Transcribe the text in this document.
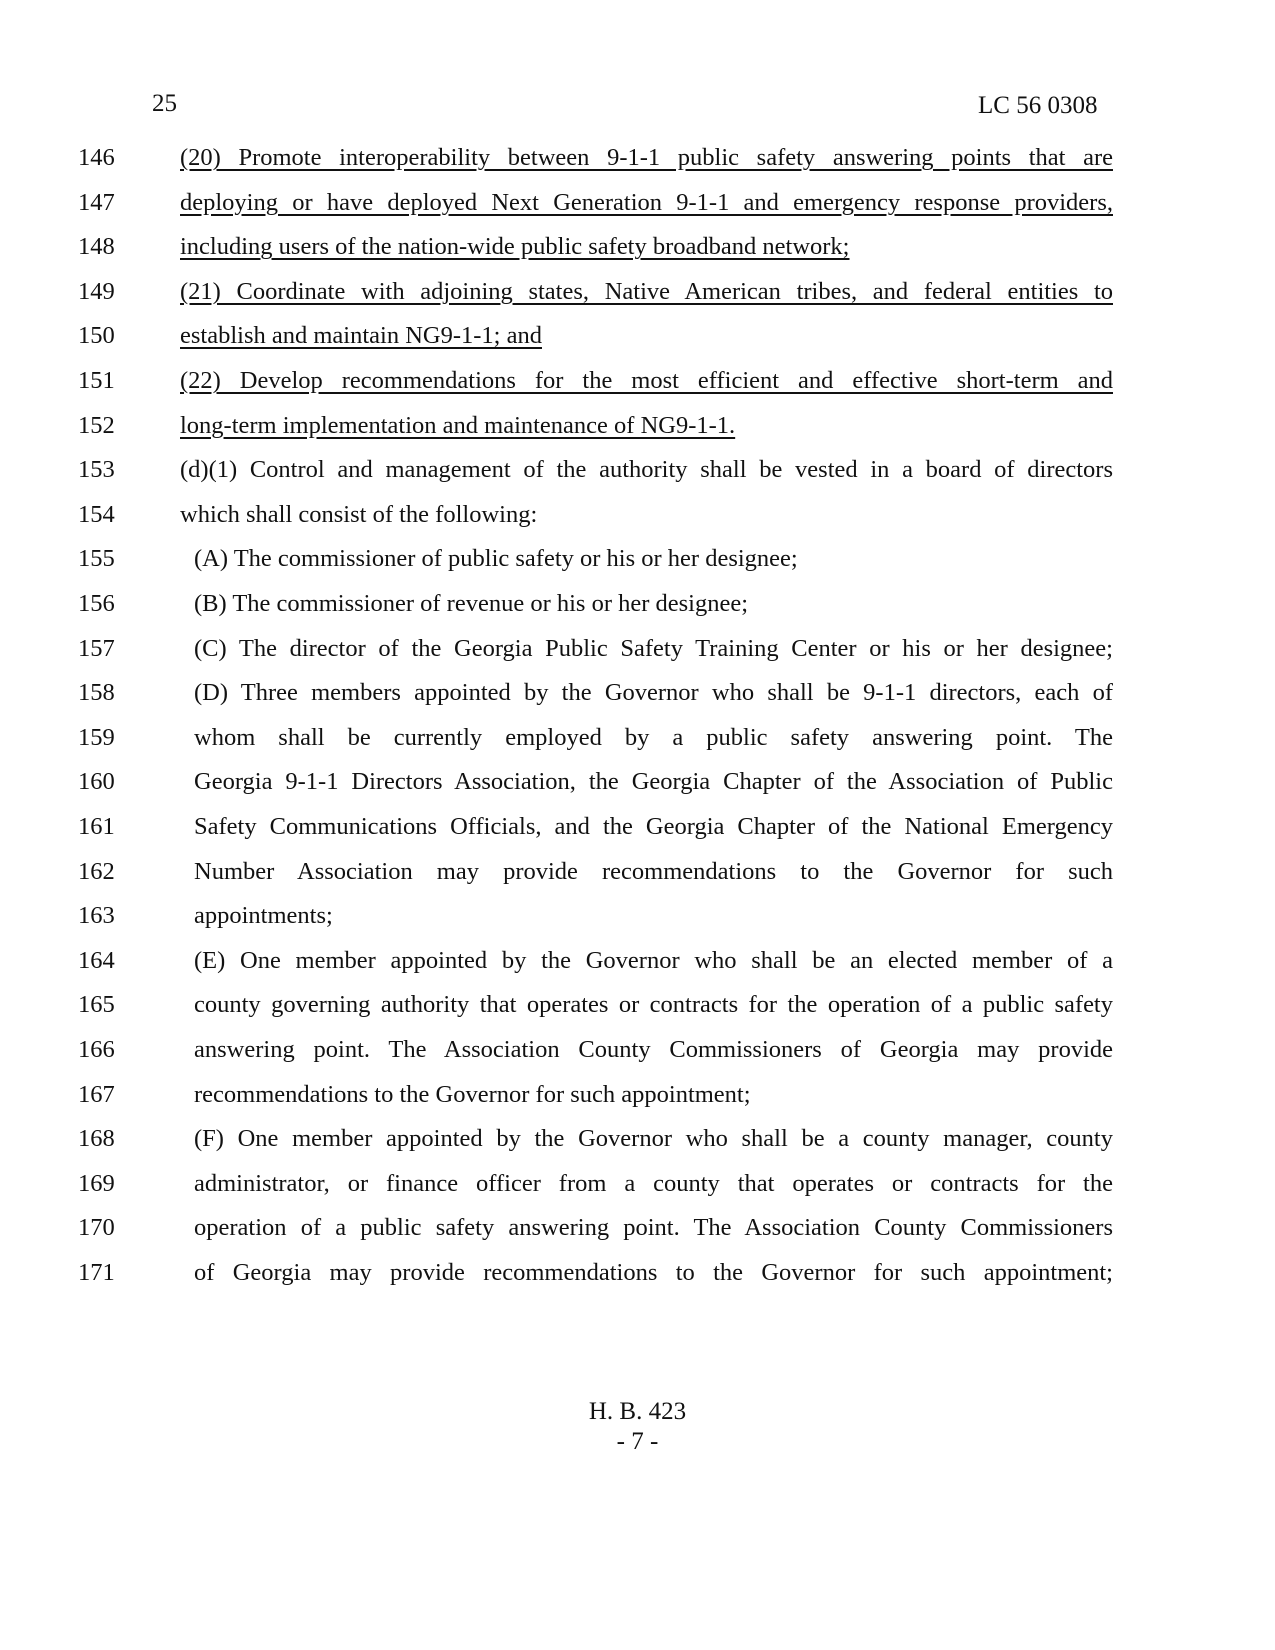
25	LC 56 0308
146	(20) Promote interoperability between 9-1-1 public safety answering points that are
147	deploying or have deployed Next Generation 9-1-1 and emergency response providers,
148	including users of the nation-wide public safety broadband network;
149	(21) Coordinate with adjoining states, Native American tribes, and federal entities to
150	establish and maintain NG9-1-1; and
151	(22) Develop recommendations for the most efficient and effective short-term and
152	long-term implementation and maintenance of NG9-1-1.
153	(d)(1) Control and management of the authority shall be vested in a board of directors
154	which shall consist of the following:
155	(A) The commissioner of public safety or his or her designee;
156	(B) The commissioner of revenue or his or her designee;
157	(C) The director of the Georgia Public Safety Training Center or his or her designee;
158	(D) Three members appointed by the Governor who shall be 9-1-1 directors, each of
159	whom shall be currently employed by a public safety answering point. The
160	Georgia 9-1-1 Directors Association, the Georgia Chapter of the Association of Public
161	Safety Communications Officials, and the Georgia Chapter of the National Emergency
162	Number Association may provide recommendations to the Governor for such
163	appointments;
164	(E) One member appointed by the Governor who shall be an elected member of a
165	county governing authority that operates or contracts for the operation of a public safety
166	answering point. The Association County Commissioners of Georgia may provide
167	recommendations to the Governor for such appointment;
168	(F) One member appointed by the Governor who shall be a county manager, county
169	administrator, or finance officer from a county that operates or contracts for the
170	operation of a public safety answering point. The Association County Commissioners
171	of Georgia may provide recommendations to the Governor for such appointment;
H. B. 423
- 7 -
